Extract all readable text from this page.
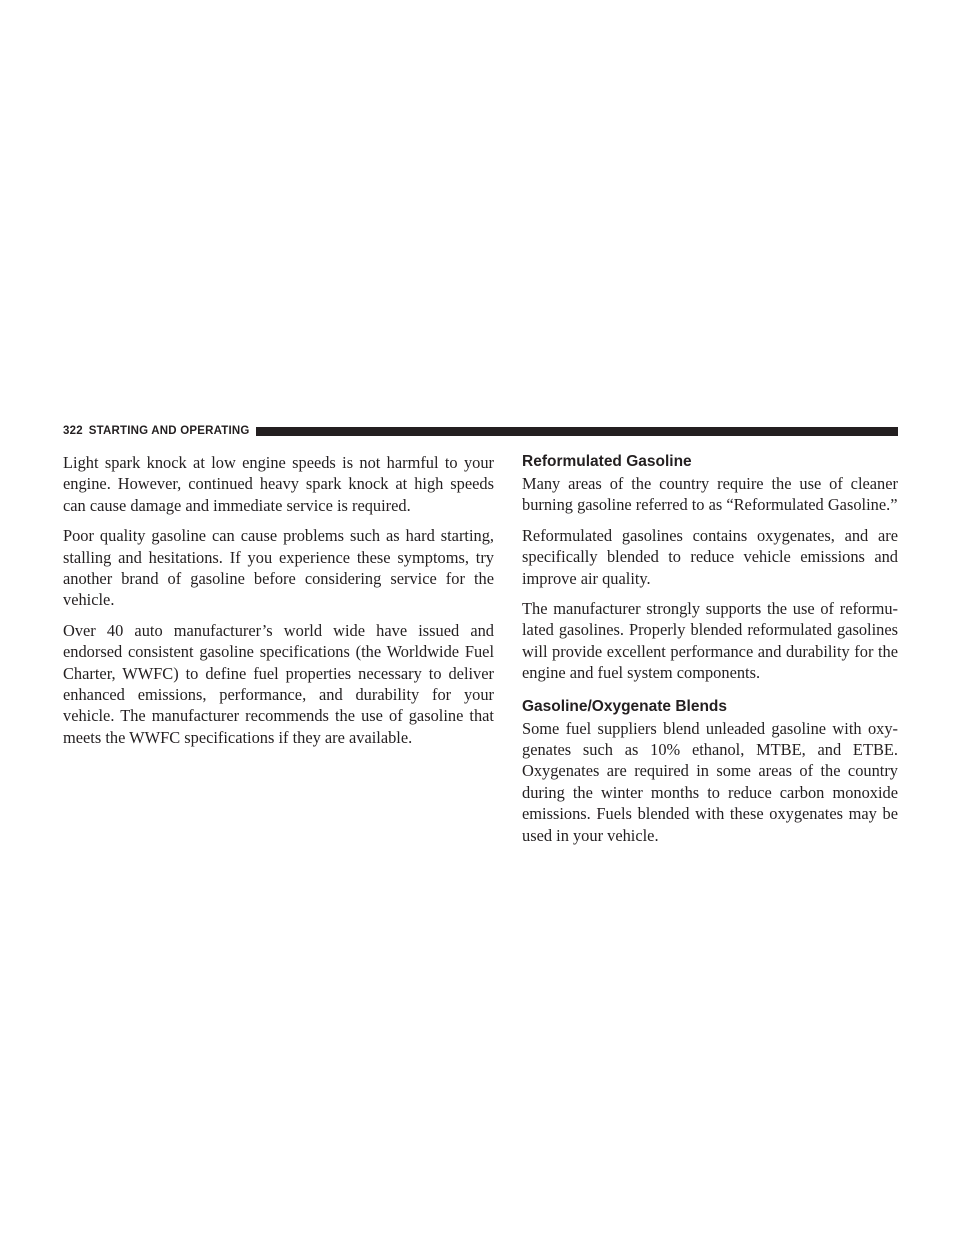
322 STARTING AND OPERATING

Light spark knock at low engine speeds is not harmful to your engine. However, continued heavy spark knock at high speeds can cause damage and immediate service is required.

Poor quality gasoline can cause problems such as hard starting, stalling and hesitations. If you experience these symptoms, try another brand of gasoline before considering service for the vehicle.

Over 40 auto manufacturer’s world wide have issued and endorsed consistent gasoline specifications (the Worldwide Fuel Charter, WWFC) to define fuel properties necessary to deliver enhanced emissions, performance, and durability for your vehicle. The manufacturer recommends the use of gasoline that meets the WWFC specifications if they are available.

Reformulated Gasoline

Many areas of the country require the use of cleaner burning gasoline referred to as “Reformulated Gasoline.”

Reformulated gasolines contains oxygenates, and are specifically blended to reduce vehicle emissions and improve air quality.

The manufacturer strongly supports the use of reformulated gasolines. Properly blended reformulated gasolines will provide excellent performance and durability for the engine and fuel system components.

Gasoline/Oxygenate Blends

Some fuel suppliers blend unleaded gasoline with oxygenates such as 10% ethanol, MTBE, and ETBE. Oxygenates are required in some areas of the country during the winter months to reduce carbon monoxide emissions. Fuels blended with these oxygenates may be used in your vehicle.
